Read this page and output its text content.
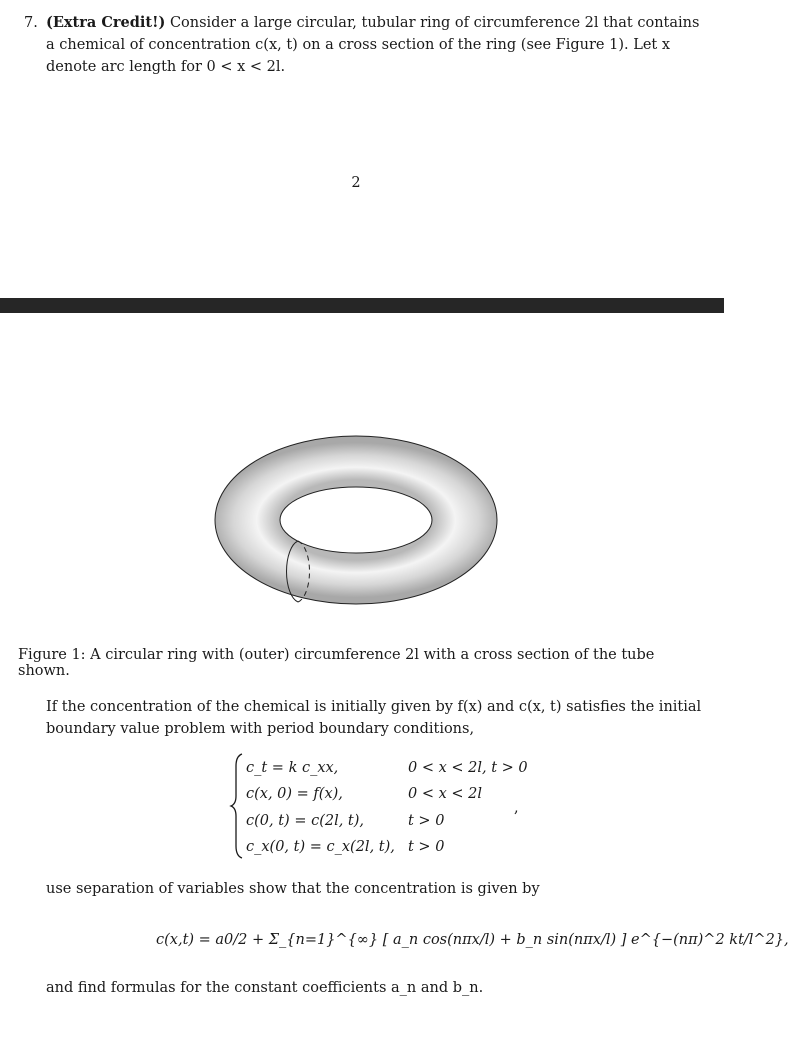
7. (Extra Credit!) Consider a large circular, tubular ring of circumference 2l that contains a chemical of concentration c(x, t) on a cross section of the ring (see Figure 1). Let x denote arc length for 0 < x < 2l.
2
Figure 1: A circular ring with (outer) circumference 2l with a cross section of the tube shown.
If the concentration of the chemical is initially given by f(x) and c(x, t) satisfies the initial boundary value problem with period boundary conditions,
c_t = k c_xx,	0 < x < 2l, t > 0
c(x, 0) = f(x),	0 < x < 2l
c(0, t) = c(2l, t),	t > 0
c_x(0, t) = c_x(2l, t), t > 0
,
use separation of variables show that the concentration is given by
c(x,t) = a0/2 + Σ_{n=1}^{∞} [ a_n cos(nπx/l) + b_n sin(nπx/l) ] e^{−(nπ)^2 kt/l^2},
and find formulas for the constant coefficients a_n and b_n.
